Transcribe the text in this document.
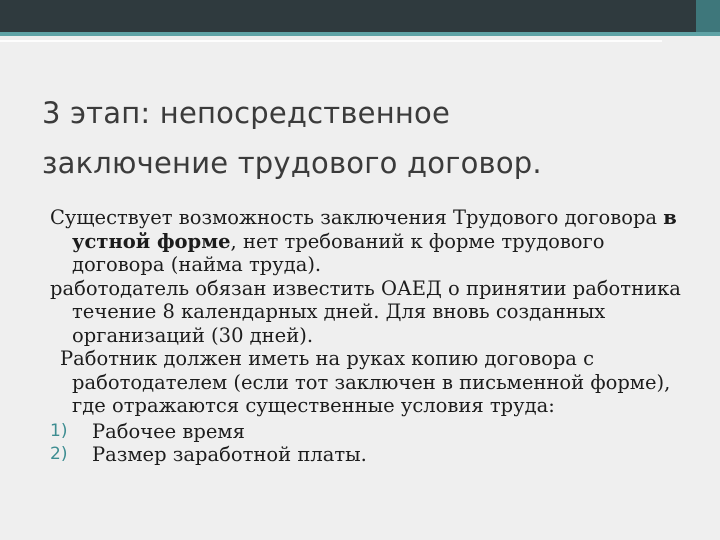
3 этап: непосредственное
заключение трудового договор.

Существует возможность заключения Трудового договора в устной форме, нет требований к форме трудового договора (найма труда).

работодатель обязан известить ОАЕД о принятии работника течение 8 календарных дней. Для вновь созданных организаций (30 дней).

Работник должен иметь на руках копию договора с работодателем (если тот заключен в письменной форме), где отражаются существенные условия труда:

1) Рабочее время
2) Размер заработной платы.
